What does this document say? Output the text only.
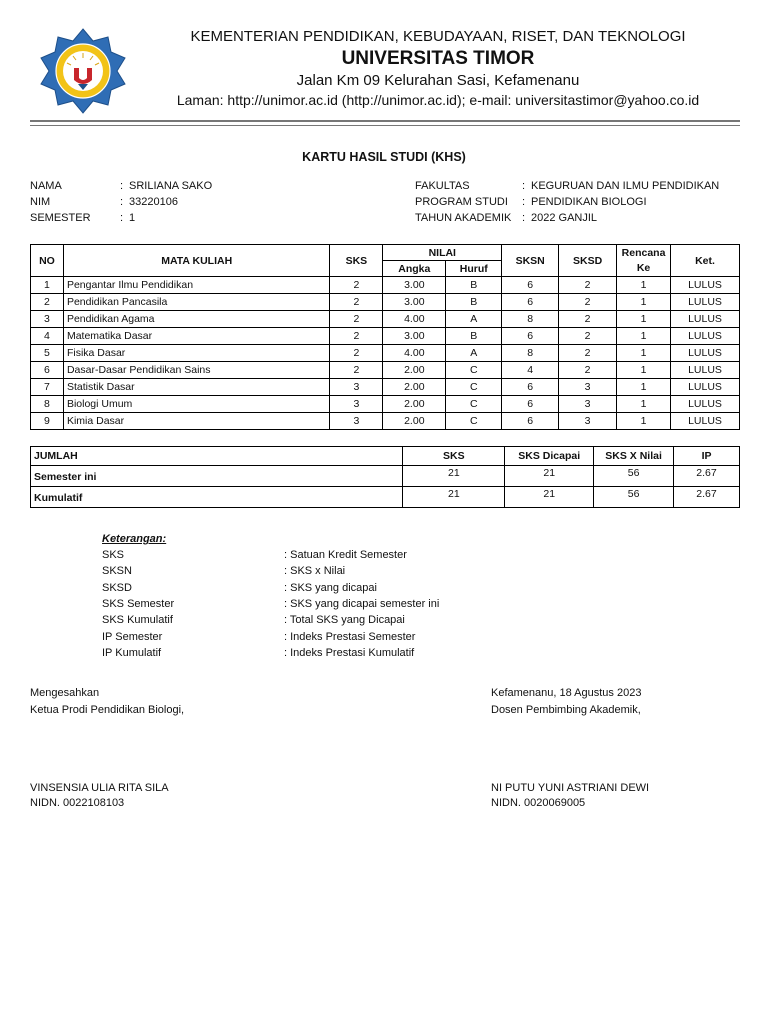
KEMENTERIAN PENDIDIKAN, KEBUDAYAAN, RISET, DAN TEKNOLOGI
UNIVERSITAS TIMOR
Jalan Km 09 Kelurahan Sasi, Kefamenanu
Laman: http://unimor.ac.id (http://unimor.ac.id); e-mail: universitastimor@yahoo.co.id
KARTU HASIL STUDI (KHS)
NAMA	: SRILIANA SAKO
NIM	: 33220106
SEMESTER	: 1
FAKULTAS	: KEGURUAN DAN ILMU PENDIDIKAN
PROGRAM STUDI : PENDIDIKAN BIOLOGI
TAHUN AKADEMIK : 2022 GANJIL
NO	MATA KULIAH	SKS	NILAI		SKSN	SKSD	Rencana Ke	Ket.
			Angka	Huruf				
1	Pengantar Ilmu Pendidikan	2	3.00	B	6	2	1	LULUS
2	Pendidikan Pancasila	2	3.00	B	6	2	1	LULUS
3	Pendidikan Agama	2	4.00	A	8	2	1	LULUS
4	Matematika Dasar	2	3.00	B	6	2	1	LULUS
5	Fisika Dasar	2	4.00	A	8	2	1	LULUS
6	Dasar-Dasar Pendidikan Sains	2	2.00	C	4	2	1	LULUS
7	Statistik Dasar	3	2.00	C	6	3	1	LULUS
8	Biologi Umum	3	2.00	C	6	3	1	LULUS
9	Kimia Dasar	3	2.00	C	6	3	1	LULUS
JUMLAH	SKS	SKS Dicapai	SKS X Nilai	IP
Semester ini	21	21	56	2.67
Kumulatif	21	21	56	2.67
Keterangan:
SKS	: Satuan Kredit Semester
SKSN	: SKS x Nilai
SKSD	: SKS yang dicapai
SKS Semester	: SKS yang dicapai semester ini
SKS Kumulatif	: Total SKS yang Dicapai
IP Semester	: Indeks Prestasi Semester
IP Kumulatif	: Indeks Prestasi Kumulatif
Mengesahkan
Ketua Prodi Pendidikan Biologi,
VINSENSIA ULIA RITA SILA
NIDN. 0022108103
Kefamenanu, 18 Agustus 2023
Dosen Pembimbing Akademik,
NI PUTU YUNI ASTRIANI DEWI
NIDN. 0020069005
